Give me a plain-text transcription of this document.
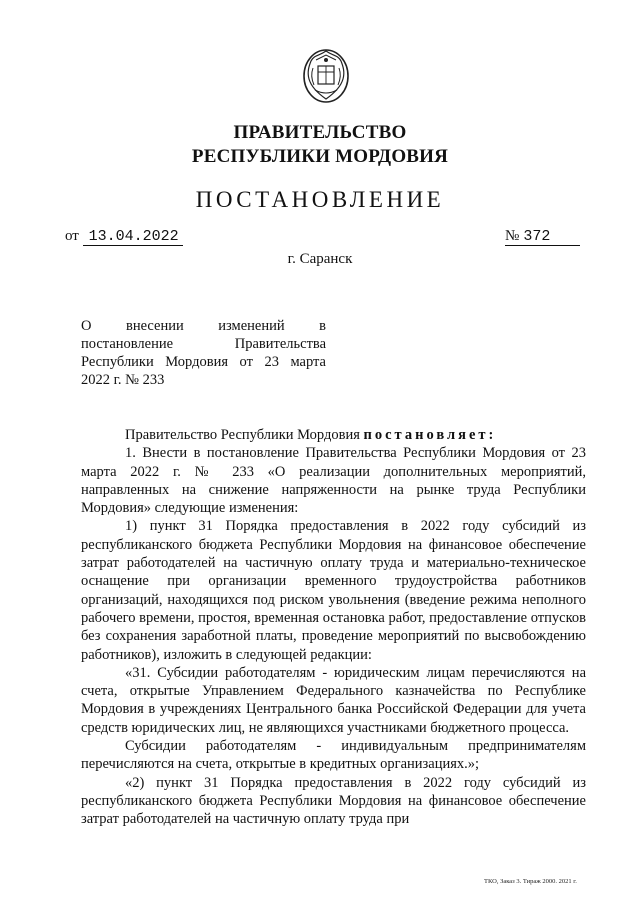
ПРАВИТЕЛЬСТВО
РЕСПУБЛИКИ МОРДОВИЯ
ПОСТАНОВЛЕНИЕ
от 13.04.2022	№ 372
г. Саранск
О внесении изменений в
постановление Правительства Республики Мордовия от 23 марта 2022 г. № 233

Правительство Республики Мордовия постановляет:

1. Внести в постановление Правительства Республики Мордовия от 23 марта 2022 г. № 233 «О реализации дополнительных мероприятий, направленных на снижение напряженности на рынке труда Республики Мордовия» следующие изменения:

1) пункт 31 Порядка предоставления в 2022 году субсидий из республиканского бюджета Республики Мордовия на финансовое обеспечение затрат работодателей на частичную оплату труда и материально-техническое оснащение при организации временного трудоустройства работников организаций, находящихся под риском увольнения (введение режима неполного рабочего времени, простоя, временная остановка работ, предоставление отпусков без сохранения заработной платы, проведение мероприятий по высвобождению работников), изложить в следующей редакции:

«31. Субсидии работодателям - юридическим лицам перечисляются на счета, открытые Управлением Федерального казначейства по Республике Мордовия в учреждениях Центрального банка Российской Федерации для учета средств юридических лиц, не являющихся участниками бюджетного процесса.

Субсидии работодателям - индивидуальным предпринимателям перечисляются на счета, открытые в кредитных организациях.»;

«2) пункт 31 Порядка предоставления в 2022 году субсидий из республиканского бюджета Республики Мордовия на финансовое обеспечение затрат работодателей на частичную оплату труда при

ТКО, Заказ 3. Тираж 2000. 2021 г.
